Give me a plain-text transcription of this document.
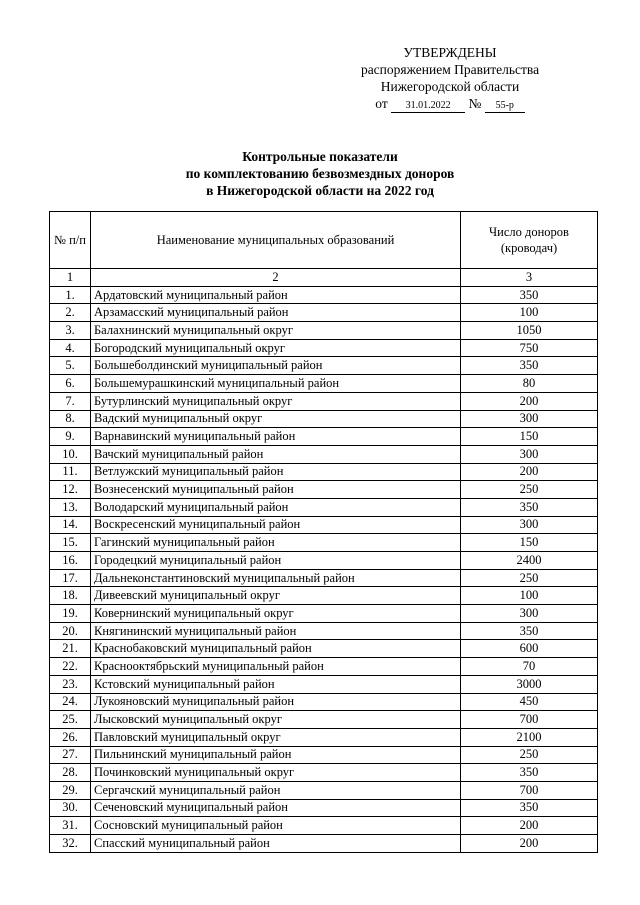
УТВЕРЖДЕНЫ
распоряжением Правительства
Нижегородской области
от 31.01.2022 № 55-р
Контрольные показатели
по комплектованию безвозмездных доноров
в Нижегородской области на 2022 год
№ п/п	Наименование муниципальных образований	Число доноров (кроводач)
1	2	3
1.	Ардатовский муниципальный район	350
2.	Арзамасский муниципальный район	100
3.	Балахнинский муниципальный округ	1050
4.	Богородский муниципальный округ	750
5.	Большеболдинский муниципальный район	350
6.	Большемурашкинский муниципальный район	80
7.	Бутурлинский муниципальный округ	200
8.	Вадский муниципальный округ	300
9.	Варнавинский муниципальный район	150
10.	Вачский муниципальный район	300
11.	Ветлужский муниципальный район	200
12.	Вознесенский муниципальный район	250
13.	Володарский муниципальный район	350
14.	Воскресенский муниципальный район	300
15.	Гагинский муниципальный район	150
16.	Городецкий муниципальный район	2400
17.	Дальнеконстантиновский муниципальный район	250
18.	Дивеевский муниципальный округ	100
19.	Ковернинский муниципальный округ	300
20.	Княгининский муниципальный район	350
21.	Краснобаковский муниципальный район	600
22.	Краснооктябрьский муниципальный район	70
23.	Кстовский муниципальный район	3000
24.	Лукояновский муниципальный район	450
25.	Лысковский муниципальный округ	700
26.	Павловский муниципальный округ	2100
27.	Пильнинский муниципальный район	250
28.	Починковский муниципальный округ	350
29.	Сергачский муниципальный район	700
30.	Сеченовский муниципальный район	350
31.	Сосновский муниципальный район	200
32.	Спасский муниципальный район	200
